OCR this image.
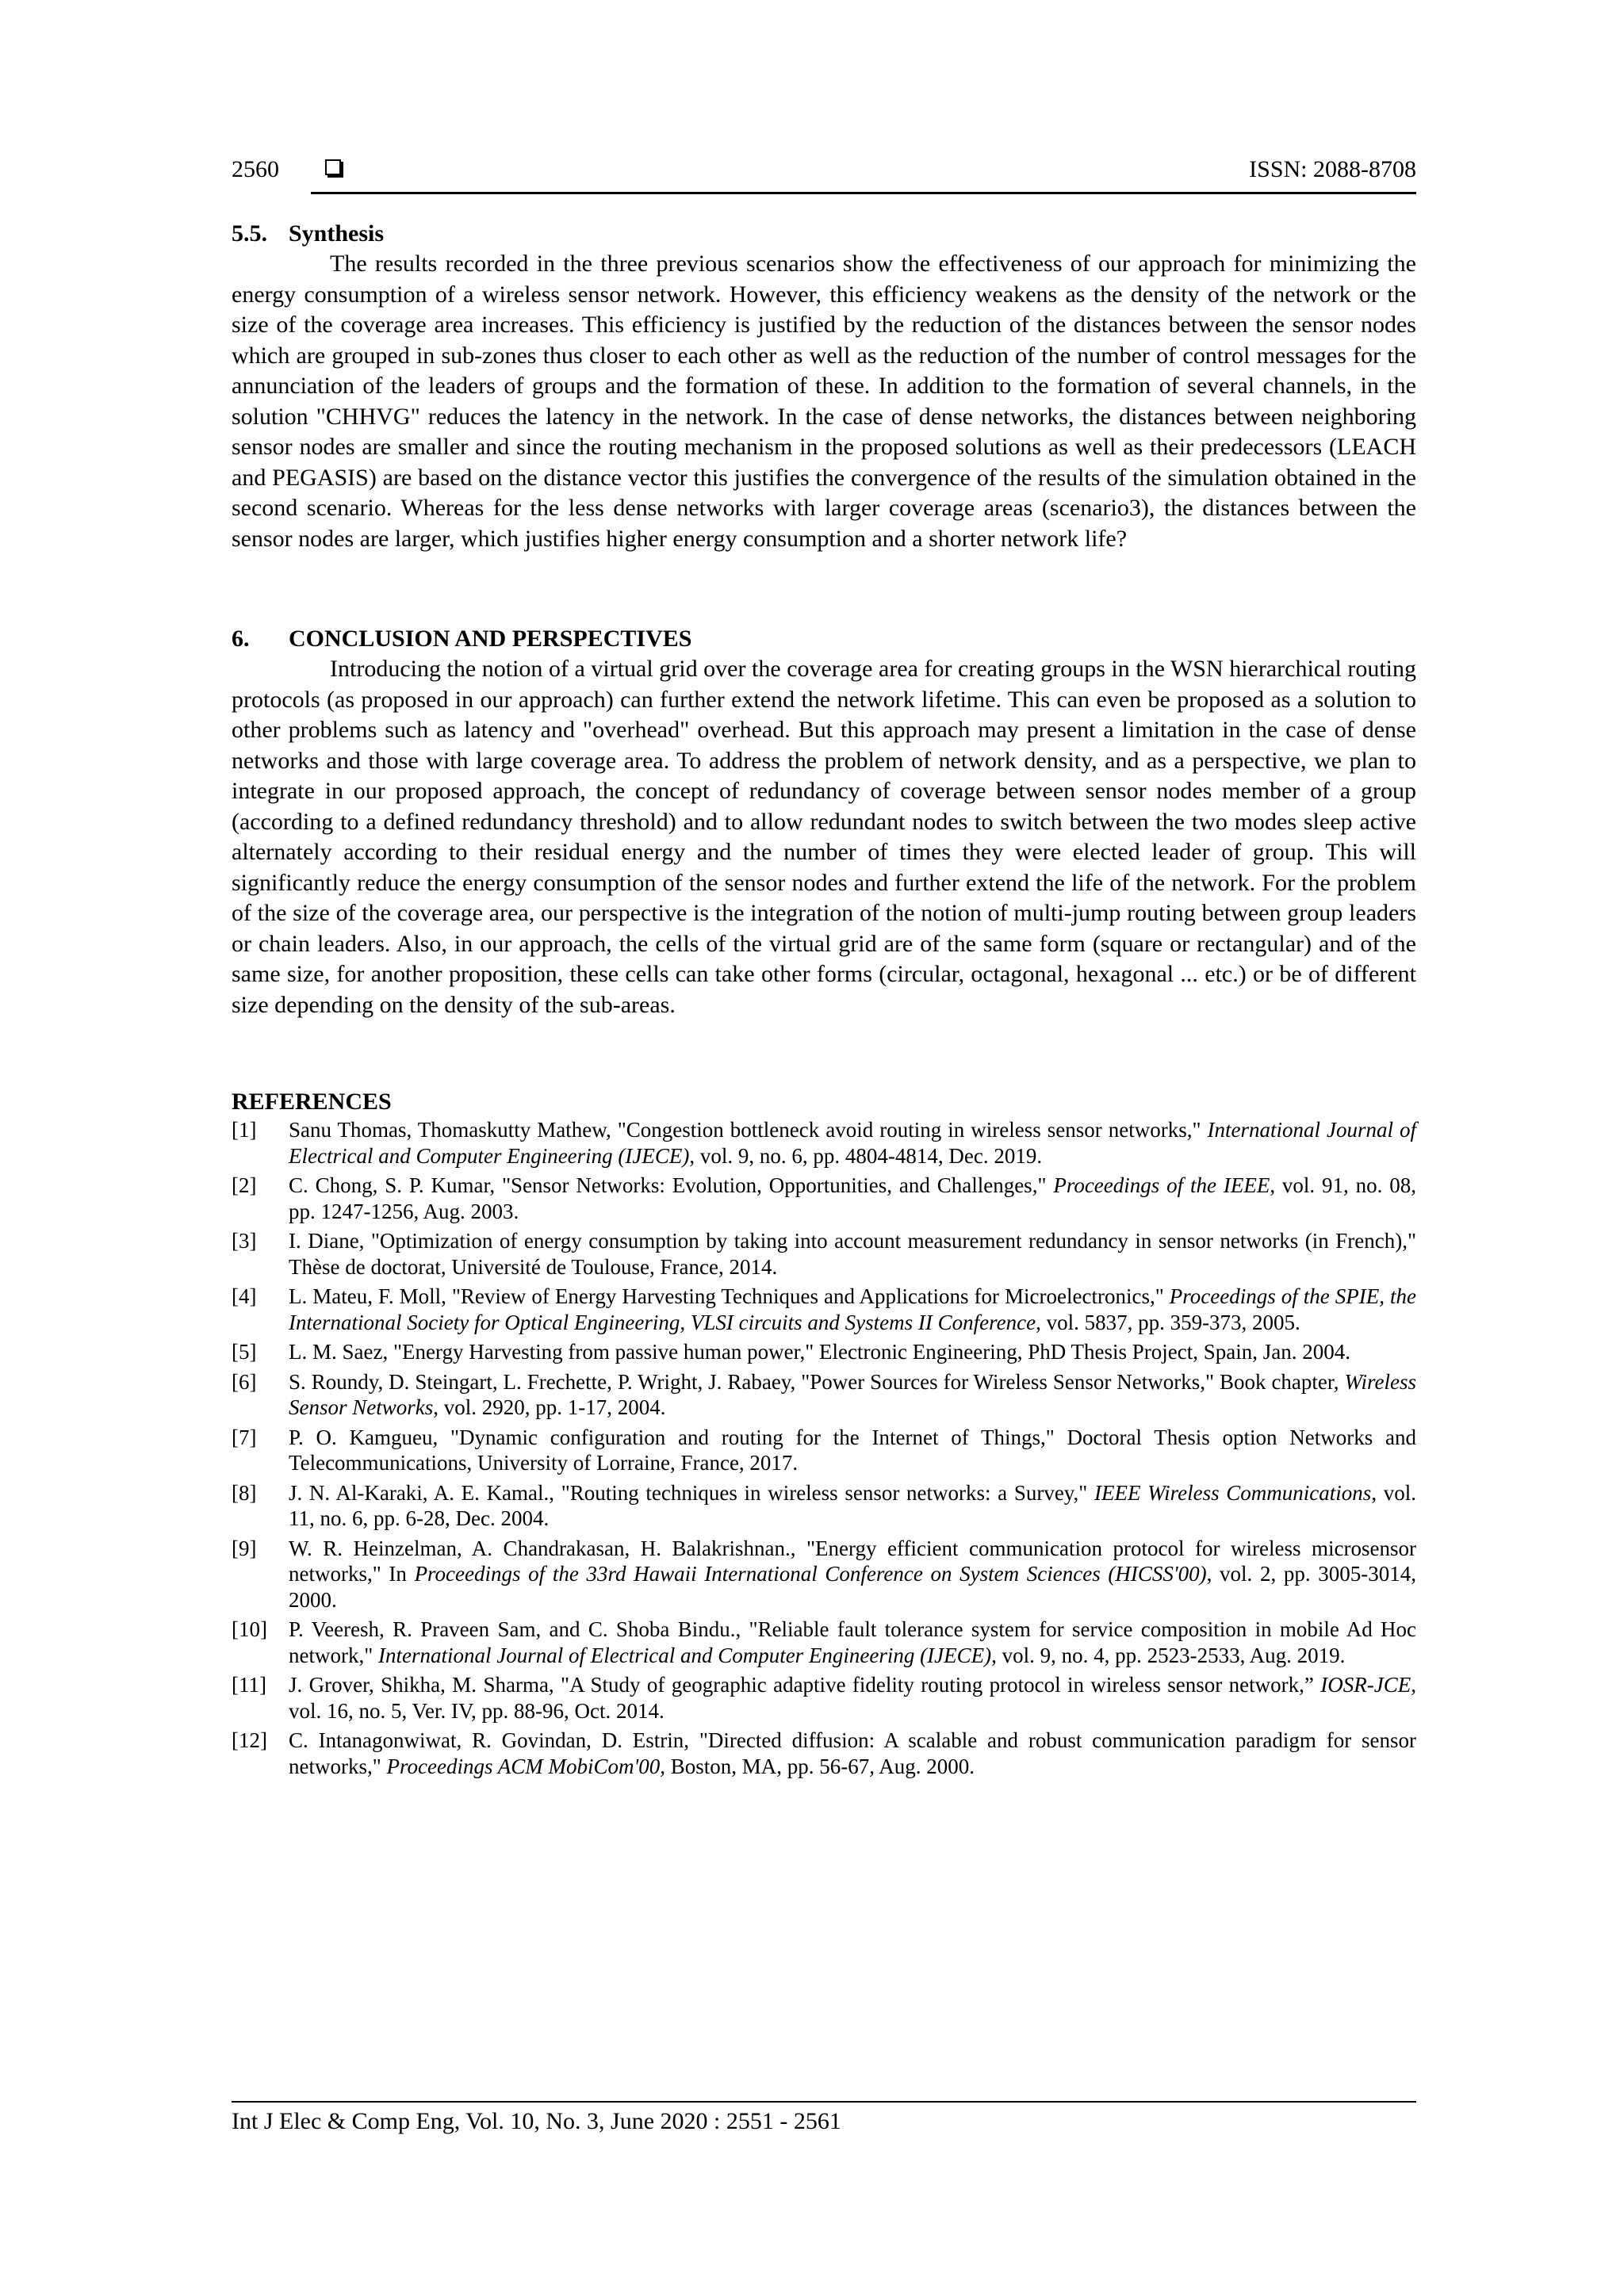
2560	ISSN: 2088-8708
5.5. Synthesis

The results recorded in the three previous scenarios show the effectiveness of our approach for minimizing the energy consumption of a wireless sensor network. However, this efficiency weakens as the density of the network or the size of the coverage area increases. This efficiency is justified by the reduction of the distances between the sensor nodes which are grouped in sub-zones thus closer to each other as well as the reduction of the number of control messages for the annunciation of the leaders of groups and the formation of these. In addition to the formation of several channels, in the solution "CHHVG" reduces the latency in the network. In the case of dense networks, the distances between neighboring sensor nodes are smaller and since the routing mechanism in the proposed solutions as well as their predecessors (LEACH and PEGASIS) are based on the distance vector this justifies the convergence of the results of the simulation obtained in the second scenario. Whereas for the less dense networks with larger coverage areas (scenario3), the distances between the sensor nodes are larger, which justifies higher energy consumption and a shorter network life?

6. CONCLUSION AND PERSPECTIVES

Introducing the notion of a virtual grid over the coverage area for creating groups in the WSN hierarchical routing protocols (as proposed in our approach) can further extend the network lifetime. This can even be proposed as a solution to other problems such as latency and "overhead" overhead. But this approach may present a limitation in the case of dense networks and those with large coverage area. To address the problem of network density, and as a perspective, we plan to integrate in our proposed approach, the concept of redundancy of coverage between sensor nodes member of a group (according to a defined redundancy threshold) and to allow redundant nodes to switch between the two modes sleep active alternately according to their residual energy and the number of times they were elected leader of group. This will significantly reduce the energy consumption of the sensor nodes and further extend the life of the network. For the problem of the size of the coverage area, our perspective is the integration of the notion of multi-jump routing between group leaders or chain leaders. Also, in our approach, the cells of the virtual grid are of the same form (square or rectangular) and of the same size, for another proposition, these cells can take other forms (circular, octagonal, hexagonal ... etc.) or be of different size depending on the density of the sub-areas.

REFERENCES
[1] Sanu Thomas, Thomaskutty Mathew, "Congestion bottleneck avoid routing in wireless sensor networks," International Journal of Electrical and Computer Engineering (IJECE), vol. 9, no. 6, pp. 4804-4814, Dec. 2019.
[2] C. Chong, S. P. Kumar, "Sensor Networks: Evolution, Opportunities, and Challenges," Proceedings of the IEEE, vol. 91, no. 08, pp. 1247-1256, Aug. 2003.
[3] I. Diane, "Optimization of energy consumption by taking into account measurement redundancy in sensor networks (in French)," Thèse de doctorat, Université de Toulouse, France, 2014.
[4] L. Mateu, F. Moll, "Review of Energy Harvesting Techniques and Applications for Microelectronics," Proceedings of the SPIE, the International Society for Optical Engineering, VLSI circuits and Systems II Conference, vol. 5837, pp. 359-373, 2005.
[5] L. M. Saez, "Energy Harvesting from passive human power," Electronic Engineering, PhD Thesis Project, Spain, Jan. 2004.
[6] S. Roundy, D. Steingart, L. Frechette, P. Wright, J. Rabaey, "Power Sources for Wireless Sensor Networks," Book chapter, Wireless Sensor Networks, vol. 2920, pp. 1-17, 2004.
[7] P. O. Kamgueu, "Dynamic configuration and routing for the Internet of Things," Doctoral Thesis option Networks and Telecommunications, University of Lorraine, France, 2017.
[8] J. N. Al-Karaki, A. E. Kamal., "Routing techniques in wireless sensor networks: a Survey," IEEE Wireless Communications, vol. 11, no. 6, pp. 6-28, Dec. 2004.
[9] W. R. Heinzelman, A. Chandrakasan, H. Balakrishnan., "Energy efficient communication protocol for wireless microsensor networks," In Proceedings of the 33rd Hawaii International Conference on System Sciences (HICSS'00), vol. 2, pp. 3005-3014, 2000.
[10] P. Veeresh, R. Praveen Sam, and C. Shoba Bindu., "Reliable fault tolerance system for service composition in mobile Ad Hoc network," International Journal of Electrical and Computer Engineering (IJECE), vol. 9, no. 4, pp. 2523-2533, Aug. 2019.
[11] J. Grover, Shikha, M. Sharma, "A Study of geographic adaptive fidelity routing protocol in wireless sensor network,” IOSR-JCE, vol. 16, no. 5, Ver. IV, pp. 88-96, Oct. 2014.
[12] C. Intanagonwiwat, R. Govindan, D. Estrin, "Directed diffusion: A scalable and robust communication paradigm for sensor networks," Proceedings ACM MobiCom'00, Boston, MA, pp. 56-67, Aug. 2000.
Int J Elec & Comp Eng, Vol. 10, No. 3, June 2020 : 2551 - 2561
